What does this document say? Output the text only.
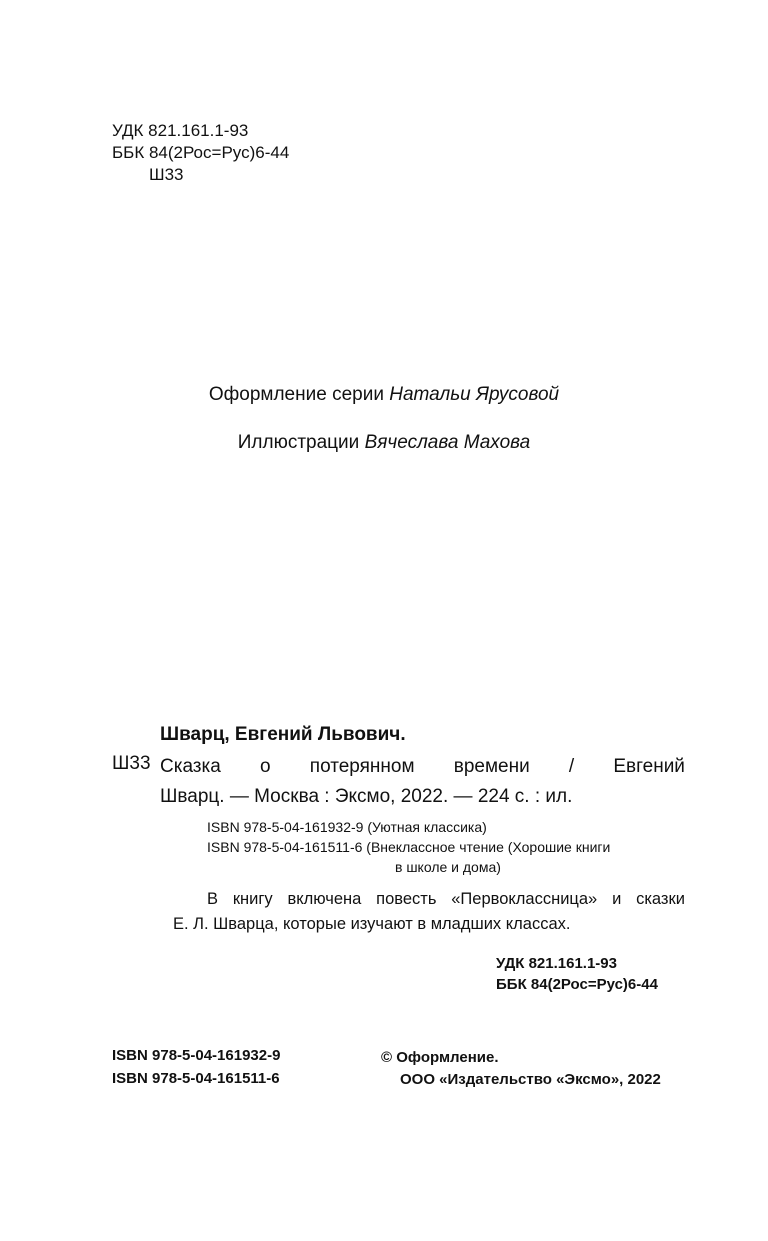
УДК 821.161.1-93
ББК 84(2Рос=Рус)6-44
Ш33
Оформление серии Натальи Ярусовой
Иллюстрации Вячеслава Махова
Шварц, Евгений Львович.
Ш33 Сказка о потерянном времени / Евгений
Шварц. — Москва : Эксмо, 2022. — 224 с. : ил.
ISBN 978-5-04-161932-9 (Уютная классика)
ISBN 978-5-04-161511-6 (Внеклассное чтение (Хорошие книги
в школе и дома)
В книгу включена повесть «Первоклассница» и сказки
Е. Л. Шварца, которые изучают в младших классах.
УДК 821.161.1-93
ББК 84(2Рос=Рус)6-44
ISBN 978-5-04-161932-9
ISBN 978-5-04-161511-6
© Оформление.
ООО «Издательство «Эксмо», 2022
